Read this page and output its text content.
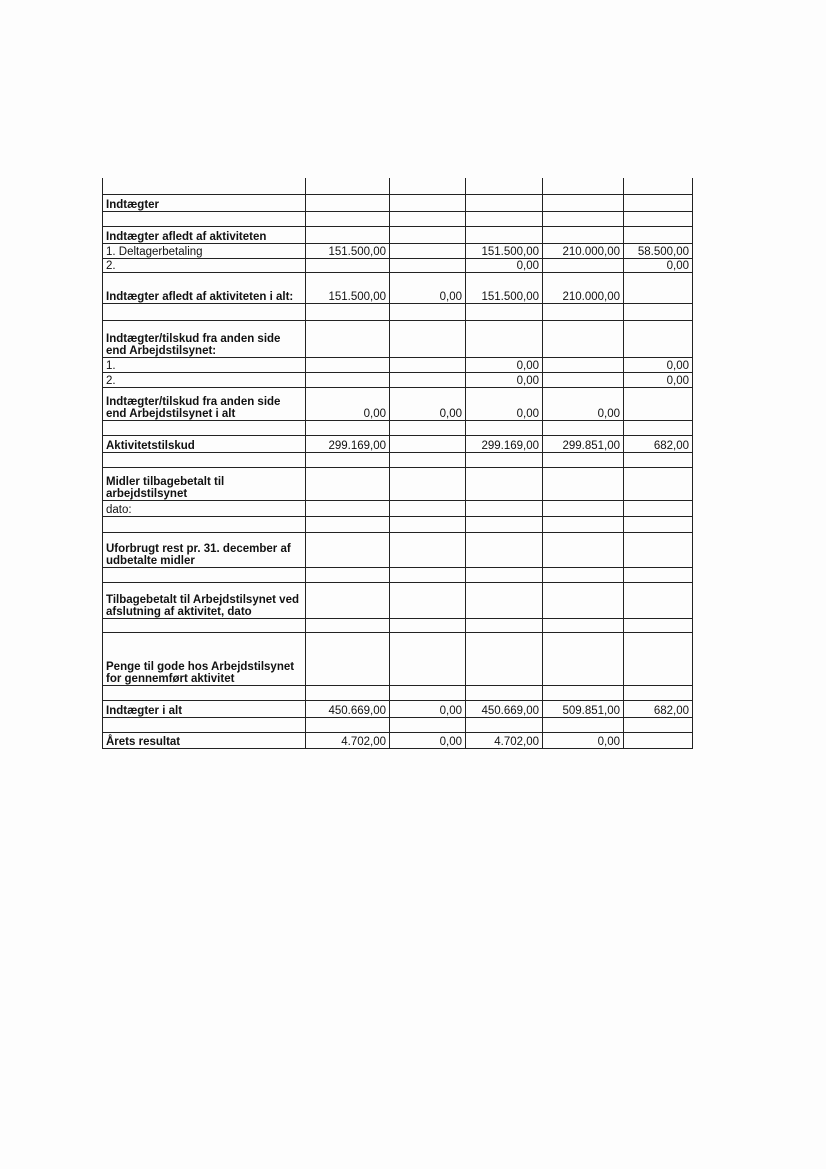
Indtægter					

Indtægter afledt af aktiviteten					
1. Deltagerbetaling	151.500,00		151.500,00	210.000,00	58.500,00
2.			0,00		0,00
Indtægter afledt af aktiviteten i alt:	151.500,00	0,00	151.500,00	210.000,00	

Indtægter/tilskud fra anden side end Arbejdstilsynet:					
1.			0,00		0,00
2.			0,00		0,00
Indtægter/tilskud fra anden side end Arbejdstilsynet i alt	0,00	0,00	0,00	0,00	

Aktivitetstilskud	299.169,00		299.169,00	299.851,00	682,00

Midler tilbagebetalt til arbejdstilsynet					
dato:					

Uforbrugt rest pr. 31. december af udbetalte midler					

Tilbagebetalt til Arbejdstilsynet ved afslutning af aktivitet, dato					

Penge til gode hos Arbejdstilsynet for gennemført aktivitet					

Indtægter i alt	450.669,00	0,00	450.669,00	509.851,00	682,00

Årets resultat	4.702,00	0,00	4.702,00	0,00	
